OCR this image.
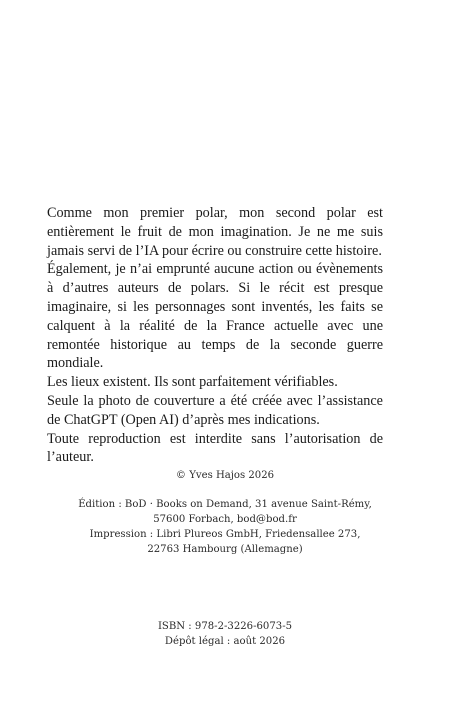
Comme mon premier polar, mon second polar est entièrement le fruit de mon imagination. Je ne me suis jamais servi de l’IA pour écrire ou construire cette histoire.

Également, je n’ai emprunté aucune action ou évènements à d’autres auteurs de polars. Si le récit est presque imaginaire, si les personnages sont inventés, les faits se calquent à la réalité de la France actuelle avec une remontée historique au temps de la seconde guerre mondiale.

Les lieux existent. Ils sont parfaitement vérifiables.

Seule la photo de couverture a été créée avec l’assistance de ChatGPT (Open AI) d’après mes indications.

Toute reproduction est interdite sans l’autorisation de l’auteur.

© Yves Hajos 2026
Édition : BoD · Books on Demand, 31 avenue Saint-Rémy,
57600 Forbach, bod@bod.fr
Impression : Libri Plureos GmbH, Friedensallee 273,
22763 Hambourg (Allemagne)
ISBN : 978-2-3226-6073-5
Dépôt légal : août 2026
